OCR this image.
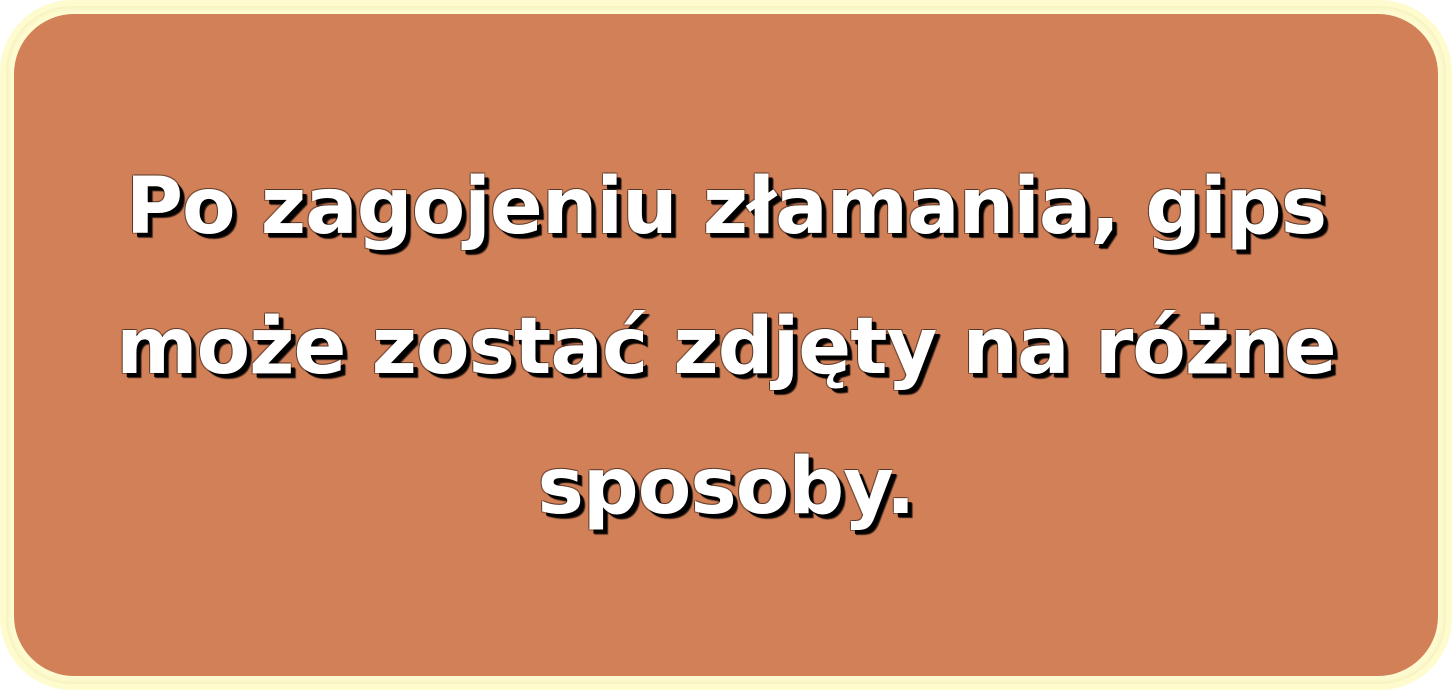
Po zagojeniu złamania, gips
może zostać zdjęty na różne
sposoby.
